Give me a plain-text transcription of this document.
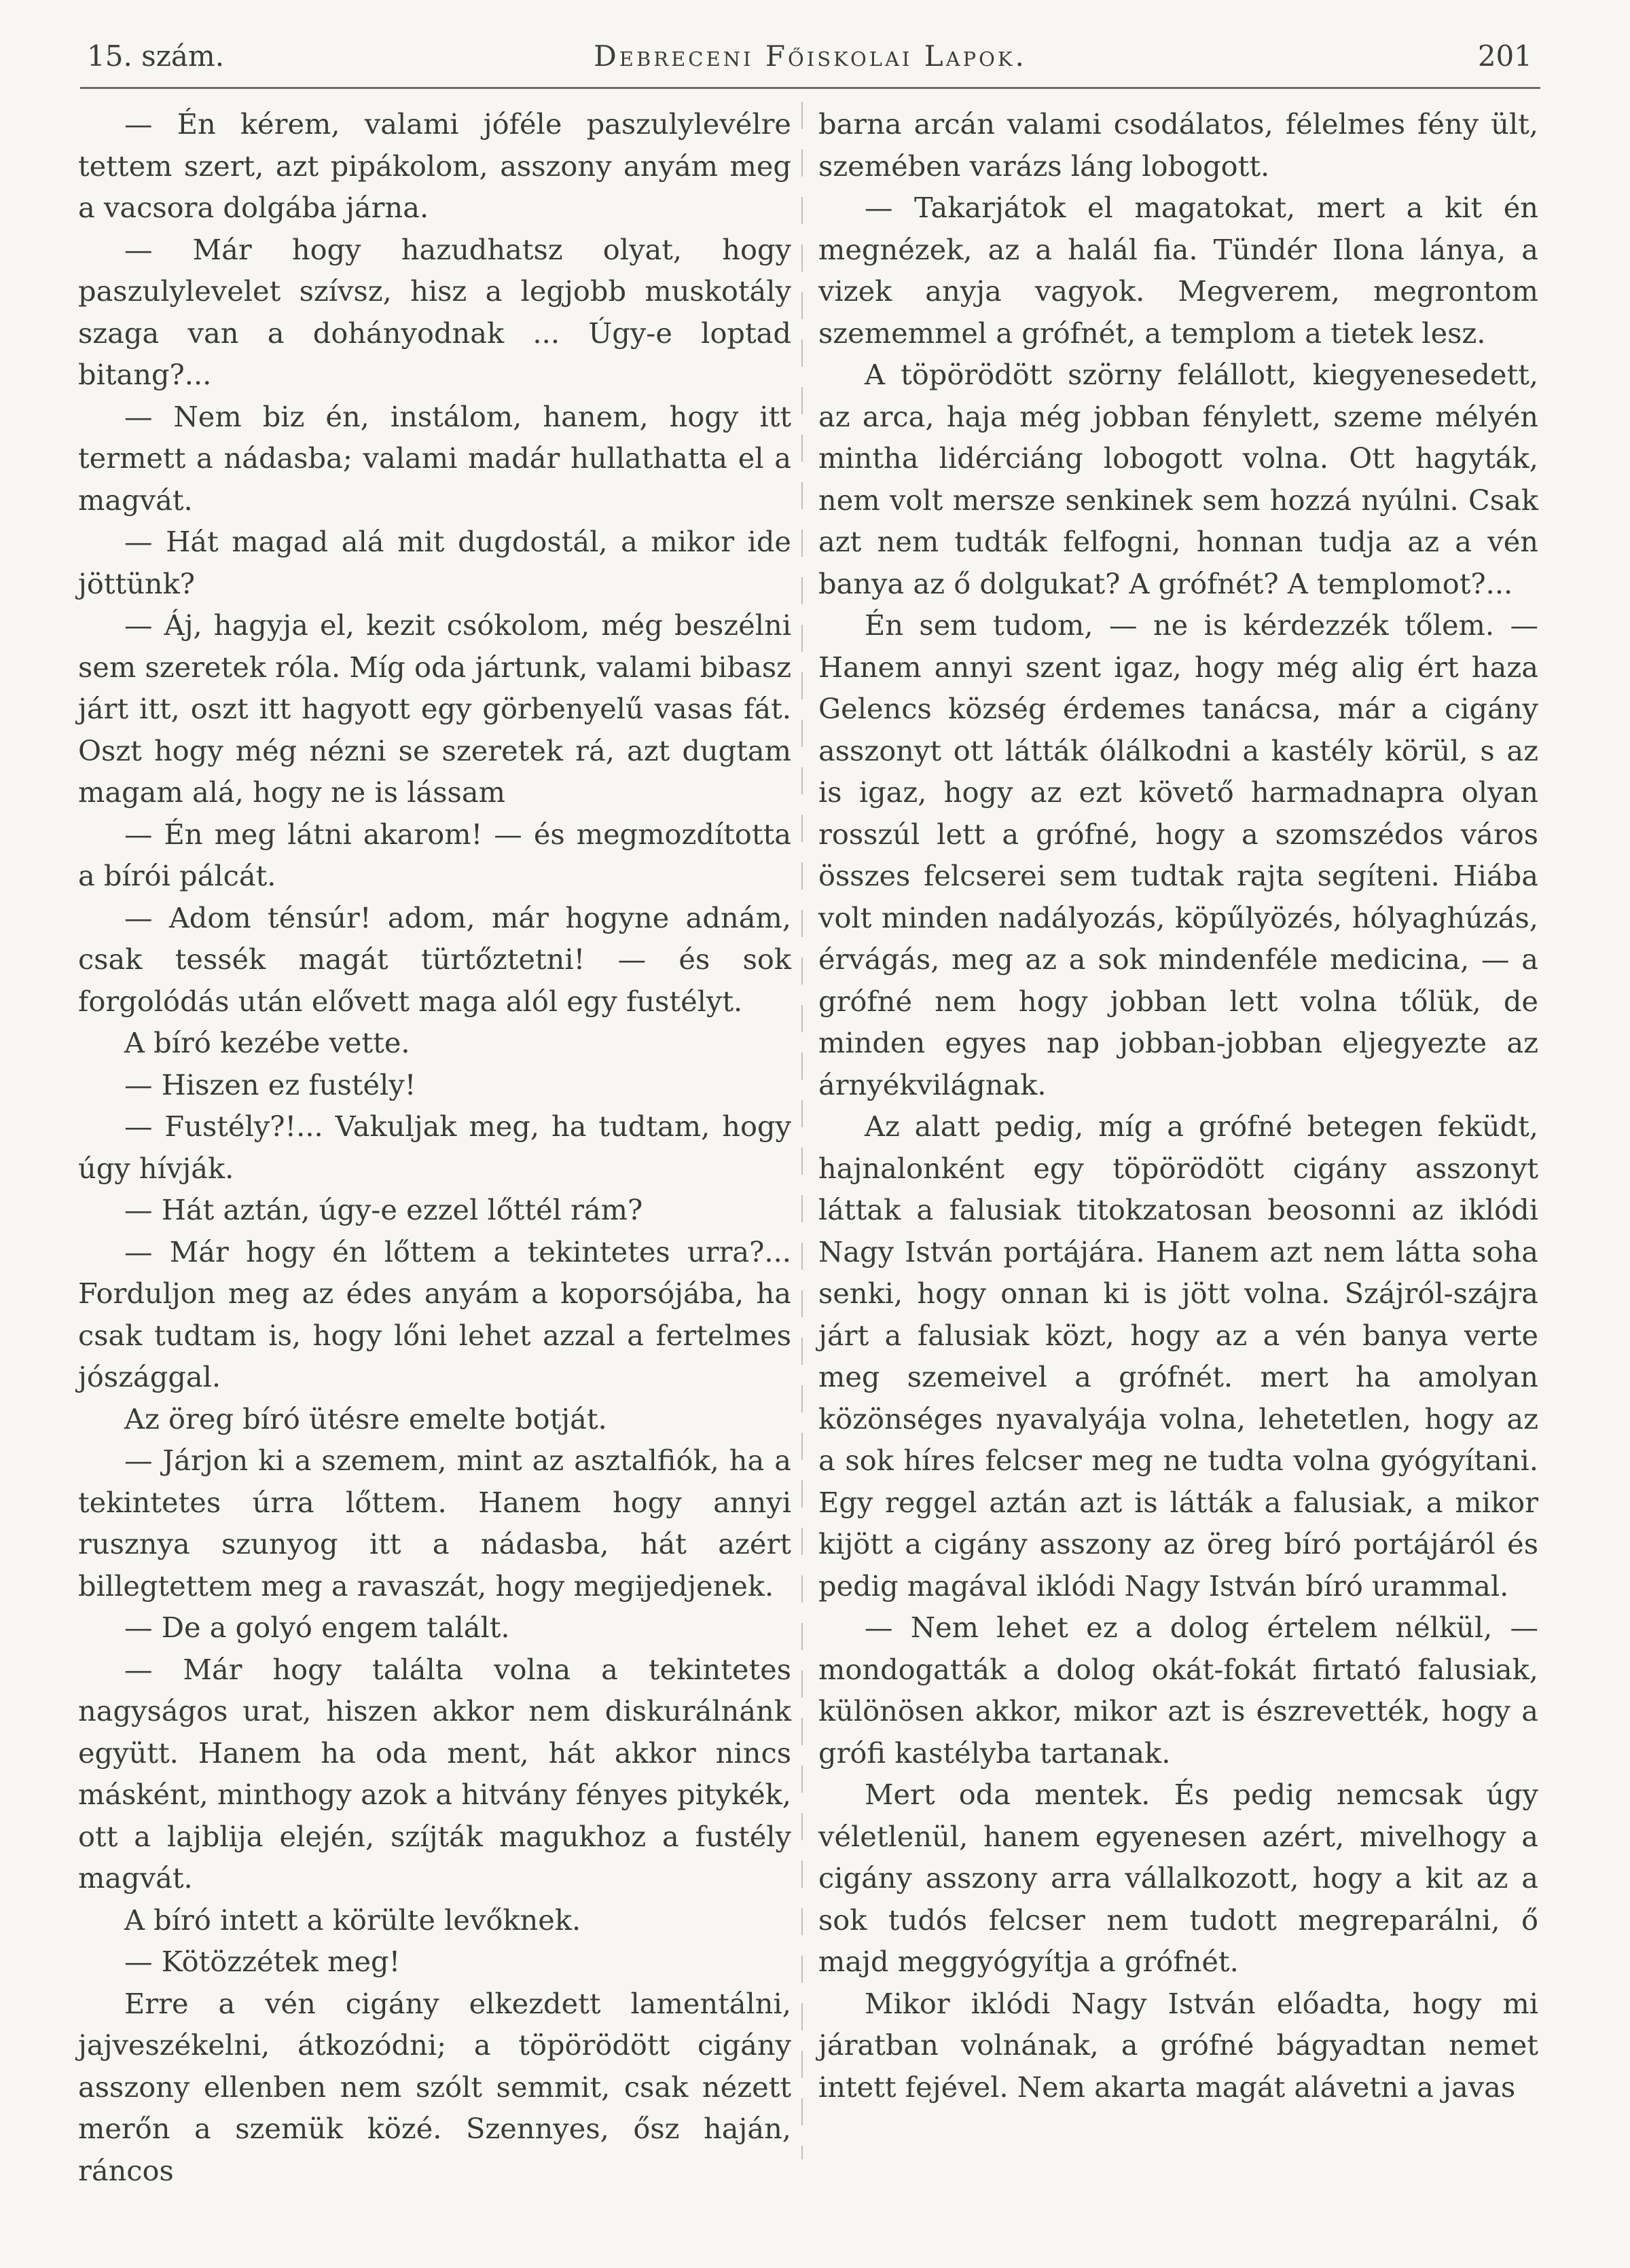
15. szám.	Debreceni Főiskolai Lapok.	201

— Én kérem, valami jóféle paszulylevélre tettem szert, azt pipákolom, asszony anyám meg a vacsora dolgába járna.

— Már hogy hazudhatsz olyat, hogy paszulylevelet szívsz, hisz a legjobb muskotály szaga van a dohányodnak ... Úgy-e loptad bitang?...

— Nem biz én, instálom, hanem, hogy itt termett a nádasba; valami madár hullathatta el a magvát.

— Hát magad alá mit dugdostál, a mikor ide jöttünk?

— Áj, hagyja el, kezit csókolom, még beszélni sem szeretek róla. Míg oda jártunk, valami bibasz járt itt, oszt itt hagyott egy görbenyelű vasas fát. Oszt hogy még nézni se szeretek rá, azt dugtam magam alá, hogy ne is lássam

— Én meg látni akarom! — és megmozdította a bírói pálcát.

— Adom ténsúr! adom, már hogyne adnám, csak tessék magát türtőztetni! — és sok forgolódás után elővett maga alól egy fustélyt.

A bíró kezébe vette.

— Hiszen ez fustély!

— Fustély?!... Vakuljak meg, ha tudtam, hogy úgy hívják.

— Hát aztán, úgy-e ezzel lőttél rám?

— Már hogy én lőttem a tekintetes urra?... Forduljon meg az édes anyám a koporsójába, ha csak tudtam is, hogy lőni lehet azzal a fertelmes jószággal.

Az öreg bíró ütésre emelte botját.

— Járjon ki a szemem, mint az asztalfiók, ha a tekintetes úrra lőttem. Hanem hogy annyi rusznya szunyog itt a nádasba, hát azért billegtettem meg a ravaszát, hogy megijedjenek.

— De a golyó engem talált.

— Már hogy találta volna a tekintetes nagyságos urat, hiszen akkor nem diskurálnánk együtt. Hanem ha oda ment, hát akkor nincs másként, minthogy azok a hitvány fényes pitykék, ott a lajblija elején, szíjták magukhoz a fustély magvát.

A bíró intett a körülte levőknek.

— Kötözzétek meg!

Erre a vén cigány elkezdett lamentálni, jajveszékelni, átkozódni; a töpörödött cigány asszony ellenben nem szólt semmit, csak nézett merőn a szemük közé. Szennyes, ősz haján, ráncos

barna arcán valami csodálatos, félelmes fény ült, szemében varázs láng lobogott.

— Takarjátok el magatokat, mert a kit én megnézek, az a halál fia. Tündér Ilona lánya, a vizek anyja vagyok. Megverem, megrontom szememmel a grófnét, a templom a tietek lesz.

A töpörödött szörny felállott, kiegyenesedett, az arca, haja még jobban fénylett, szeme mélyén mintha lidérciáng lobogott volna. Ott hagyták, nem volt mersze senkinek sem hozzá nyúlni. Csak azt nem tudták felfogni, honnan tudja az a vén banya az ő dolgukat? A grófnét? A templomot?...

Én sem tudom, — ne is kérdezzék tőlem. — Hanem annyi szent igaz, hogy még alig ért haza Gelencs község érdemes tanácsa, már a cigány asszonyt ott látták ólálkodni a kastély körül, s az is igaz, hogy az ezt követő harmadnapra olyan rosszúl lett a grófné, hogy a szomszédos város összes felcserei sem tudtak rajta segíteni. Hiába volt minden nadályozás, köpűlyözés, hólyaghúzás, érvágás, meg az a sok mindenféle medicina, — a grófné nem hogy jobban lett volna tőlük, de minden egyes nap jobban-jobban eljegyezte az árnyékvilágnak.

Az alatt pedig, míg a grófné betegen feküdt, hajnalonként egy töpörödött cigány asszonyt láttak a falusiak titokzatosan beosonni az iklódi Nagy István portájára. Hanem azt nem látta soha senki, hogy onnan ki is jött volna. Szájról-szájra járt a falusiak közt, hogy az a vén banya verte meg szemeivel a grófnét. mert ha amolyan közönséges nyavalyája volna, lehetetlen, hogy az a sok híres felcser meg ne tudta volna gyógyítani. Egy reggel aztán azt is látták a falusiak, a mikor kijött a cigány asszony az öreg bíró portájáról és pedig magával iklódi Nagy István bíró urammal.

— Nem lehet ez a dolog értelem nélkül, — mondogatták a dolog okát-fokát firtató falusiak, különösen akkor, mikor azt is észrevették, hogy a grófi kastélyba tartanak.

Mert oda mentek. És pedig nemcsak úgy véletlenül, hanem egyenesen azért, mivelhogy a cigány asszony arra vállalkozott, hogy a kit az a sok tudós felcser nem tudott megreparálni, ő majd meggyógyítja a grófnét.

Mikor iklódi Nagy István előadta, hogy mi járatban volnának, a grófné bágyadtan nemet intett fejével. Nem akarta magát alávetni a javas
